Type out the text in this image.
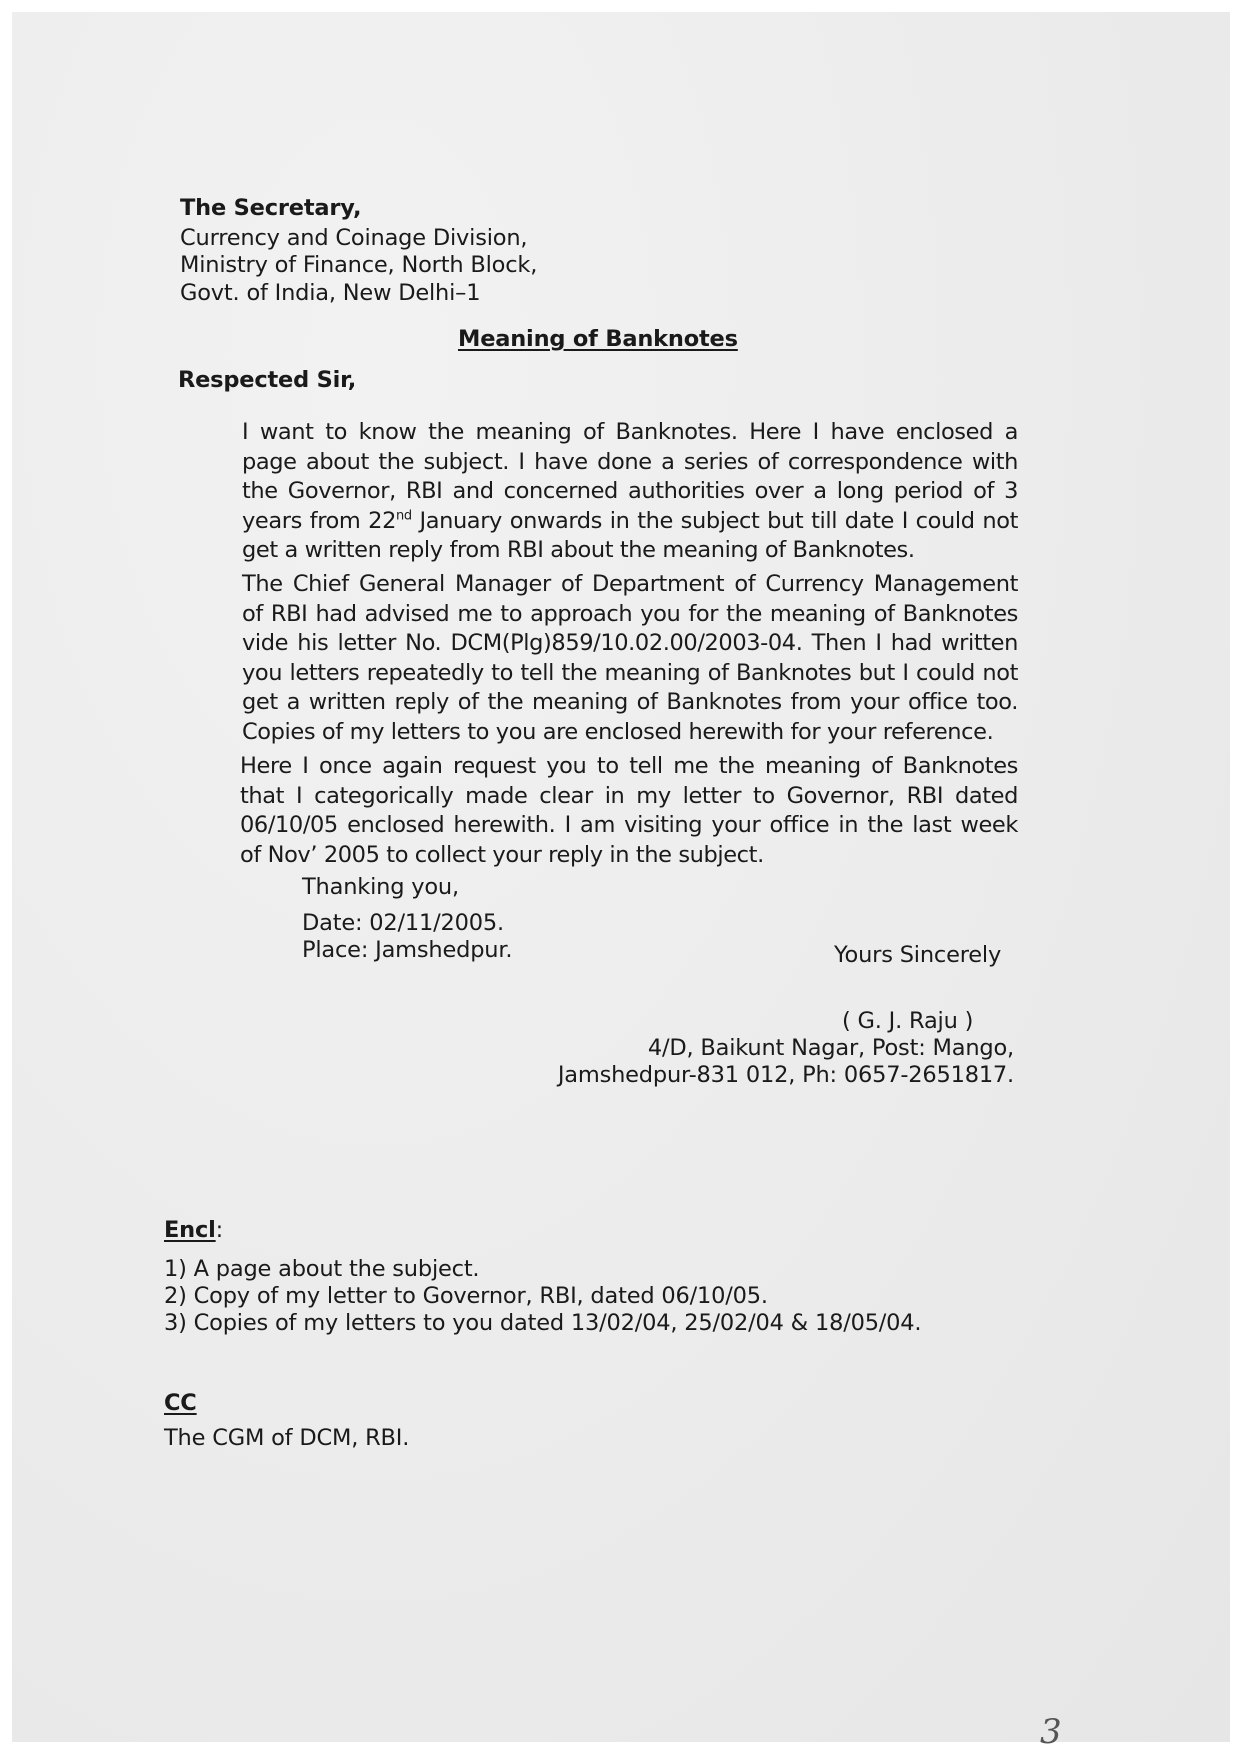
The Secretary,
Currency and Coinage Division,
Ministry of Finance, North Block,
Govt. of India, New Delhi–1
Meaning of Banknotes
Respected Sir,

I want to know the meaning of Banknotes. Here I have enclosed a page about the subject. I have done a series of correspondence with the Governor, RBI and concerned authorities over a long period of 3 years from 22nd January onwards in the subject but till date I could not get a written reply from RBI about the meaning of Banknotes.

The Chief General Manager of Department of Currency Management of RBI had advised me to approach you for the meaning of Banknotes vide his letter No. DCM(Plg)859/10.02.00/2003-04. Then I had written you letters repeatedly to tell the meaning of Banknotes but I could not get a written reply of the meaning of Banknotes from your office too. Copies of my letters to you are enclosed herewith for your reference.

Here I once again request you to tell me the meaning of Banknotes that I categorically made clear in my letter to Governor, RBI dated 06/10/05 enclosed herewith. I am visiting your office in the last week of Nov’ 2005 to collect your reply in the subject.

Thanking you,
Date: 02/11/2005.
Place: Jamshedpur.	Yours Sincerely
( G. J. Raju )
4/D, Baikunt Nagar, Post: Mango,
Jamshedpur-831 012, Ph: 0657-2651817.
Encl:
1) A page about the subject.
2) Copy of my letter to Governor, RBI, dated 06/10/05.
3) Copies of my letters to you dated 13/02/04, 25/02/04 & 18/05/04.
CC
The CGM of DCM, RBI.
3
